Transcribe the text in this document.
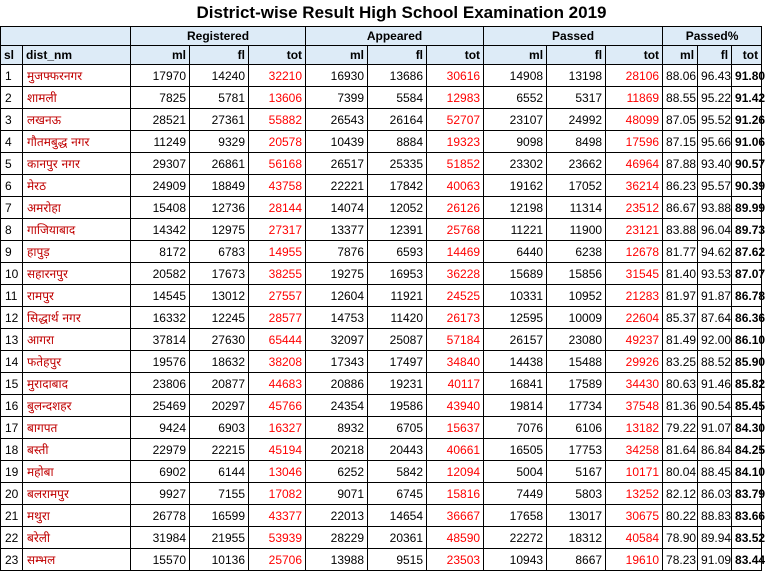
District-wise Result High School Examination 2019
		Registered			Appeared			Passed			Passed%		
sl	dist_nm	ml	fl	tot	ml	fl	tot	ml	fl	tot	ml	fl	tot
1	मुजफ्फरनगर	17970	14240	32210	16930	13686	30616	14908	13198	28106	88.06	96.43	91.80
2	शामली	7825	5781	13606	7399	5584	12983	6552	5317	11869	88.55	95.22	91.42
3	लखनऊ	28521	27361	55882	26543	26164	52707	23107	24992	48099	87.05	95.52	91.26
4	गौतमबुद्ध नगर	11249	9329	20578	10439	8884	19323	9098	8498	17596	87.15	95.66	91.06
5	कानपुर नगर	29307	26861	56168	26517	25335	51852	23302	23662	46964	87.88	93.40	90.57
6	मेरठ	24909	18849	43758	22221	17842	40063	19162	17052	36214	86.23	95.57	90.39
7	अमरोहा	15408	12736	28144	14074	12052	26126	12198	11314	23512	86.67	93.88	89.99
8	गाजियाबाद	14342	12975	27317	13377	12391	25768	11221	11900	23121	83.88	96.04	89.73
9	हापुड़	8172	6783	14955	7876	6593	14469	6440	6238	12678	81.77	94.62	87.62
10	सहारनपुर	20582	17673	38255	19275	16953	36228	15689	15856	31545	81.40	93.53	87.07
11	रामपुर	14545	13012	27557	12604	11921	24525	10331	10952	21283	81.97	91.87	86.78
12	सिद्धार्थ नगर	16332	12245	28577	14753	11420	26173	12595	10009	22604	85.37	87.64	86.36
13	आगरा	37814	27630	65444	32097	25087	57184	26157	23080	49237	81.49	92.00	86.10
14	फतेहपुर	19576	18632	38208	17343	17497	34840	14438	15488	29926	83.25	88.52	85.90
15	मुरादाबाद	23806	20877	44683	20886	19231	40117	16841	17589	34430	80.63	91.46	85.82
16	बुलन्दशहर	25469	20297	45766	24354	19586	43940	19814	17734	37548	81.36	90.54	85.45
17	बागपत	9424	6903	16327	8932	6705	15637	7076	6106	13182	79.22	91.07	84.30
18	बस्ती	22979	22215	45194	20218	20443	40661	16505	17753	34258	81.64	86.84	84.25
19	महोबा	6902	6144	13046	6252	5842	12094	5004	5167	10171	80.04	88.45	84.10
20	बलरामपुर	9927	7155	17082	9071	6745	15816	7449	5803	13252	82.12	86.03	83.79
21	मथुरा	26778	16599	43377	22013	14654	36667	17658	13017	30675	80.22	88.83	83.66
22	बरेली	31984	21955	53939	28229	20361	48590	22272	18312	40584	78.90	89.94	83.52
23	सम्भल	15570	10136	25706	13988	9515	23503	10943	8667	19610	78.23	91.09	83.44
